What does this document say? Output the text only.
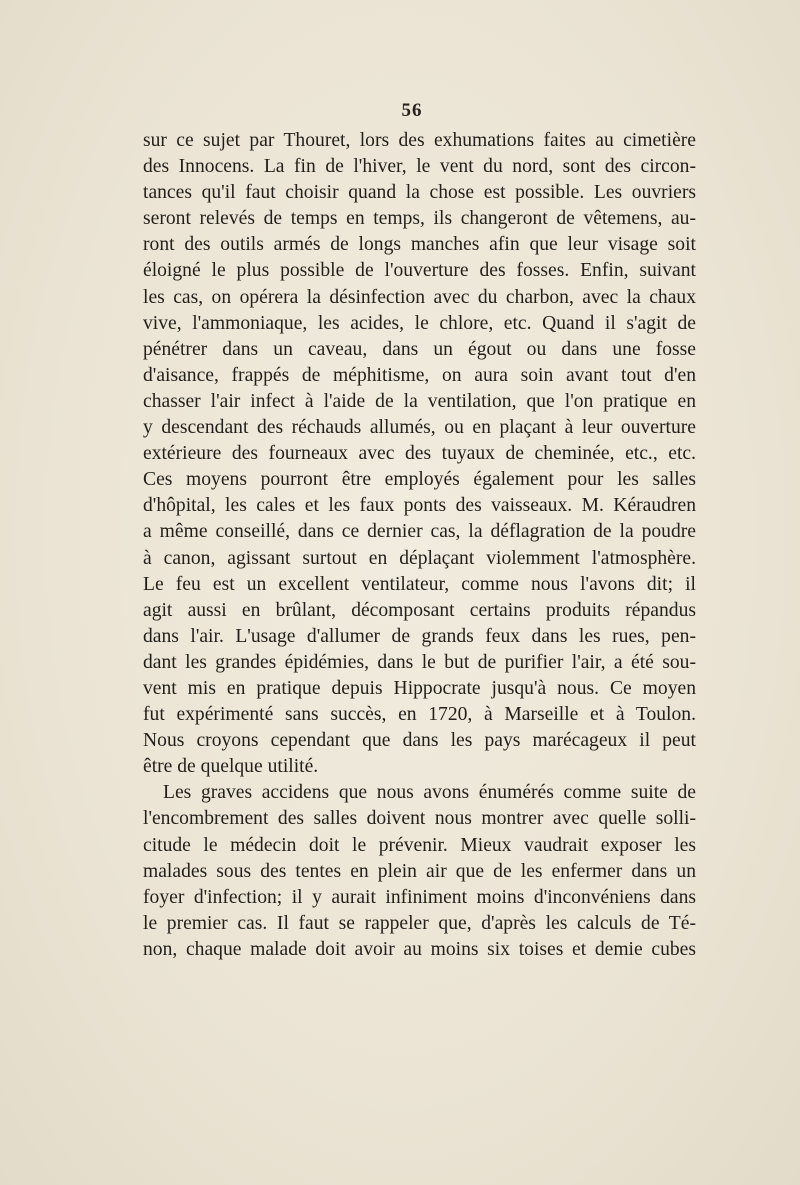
56
sur ce sujet par Thouret, lors des exhumations faites au cimetière
des Innocens. La fin de l'hiver, le vent du nord, sont des circon-
tances qu'il faut choisir quand la chose est possible. Les ouvriers
seront relevés de temps en temps, ils changeront de vêtemens, au-
ront des outils armés de longs manches afin que leur visage soit
éloigné le plus possible de l'ouverture des fosses. Enfin, suivant
les cas, on opérera la désinfection avec du charbon, avec la chaux
vive, l'ammoniaque, les acides, le chlore, etc. Quand il s'agit de
pénétrer dans un caveau, dans un égout ou dans une fosse
d'aisance, frappés de méphitisme, on aura soin avant tout d'en
chasser l'air infect à l'aide de la ventilation, que l'on pratique en
y descendant des réchauds allumés, ou en plaçant à leur ouverture
extérieure des fourneaux avec des tuyaux de cheminée, etc., etc.
Ces moyens pourront être employés également pour les salles
d'hôpital, les cales et les faux ponts des vaisseaux. M. Kéraudren
a même conseillé, dans ce dernier cas, la déflagration de la poudre
à canon, agissant surtout en déplaçant violemment l'atmosphère.
Le feu est un excellent ventilateur, comme nous l'avons dit; il
agit aussi en brûlant, décomposant certains produits répandus
dans l'air. L'usage d'allumer de grands feux dans les rues, pen-
dant les grandes épidémies, dans le but de purifier l'air, a été sou-
vent mis en pratique depuis Hippocrate jusqu'à nous. Ce moyen
fut expérimenté sans succès, en 1720, à Marseille et à Toulon.
Nous croyons cependant que dans les pays marécageux il peut
être de quelque utilité.
Les graves accidens que nous avons énumérés comme suite de
l'encombrement des salles doivent nous montrer avec quelle solli-
citude le médecin doit le prévenir. Mieux vaudrait exposer les
malades sous des tentes en plein air que de les enfermer dans un
foyer d'infection; il y aurait infiniment moins d'inconvéniens dans
le premier cas. Il faut se rappeler que, d'après les calculs de Té-
non, chaque malade doit avoir au moins six toises et demie cubes
